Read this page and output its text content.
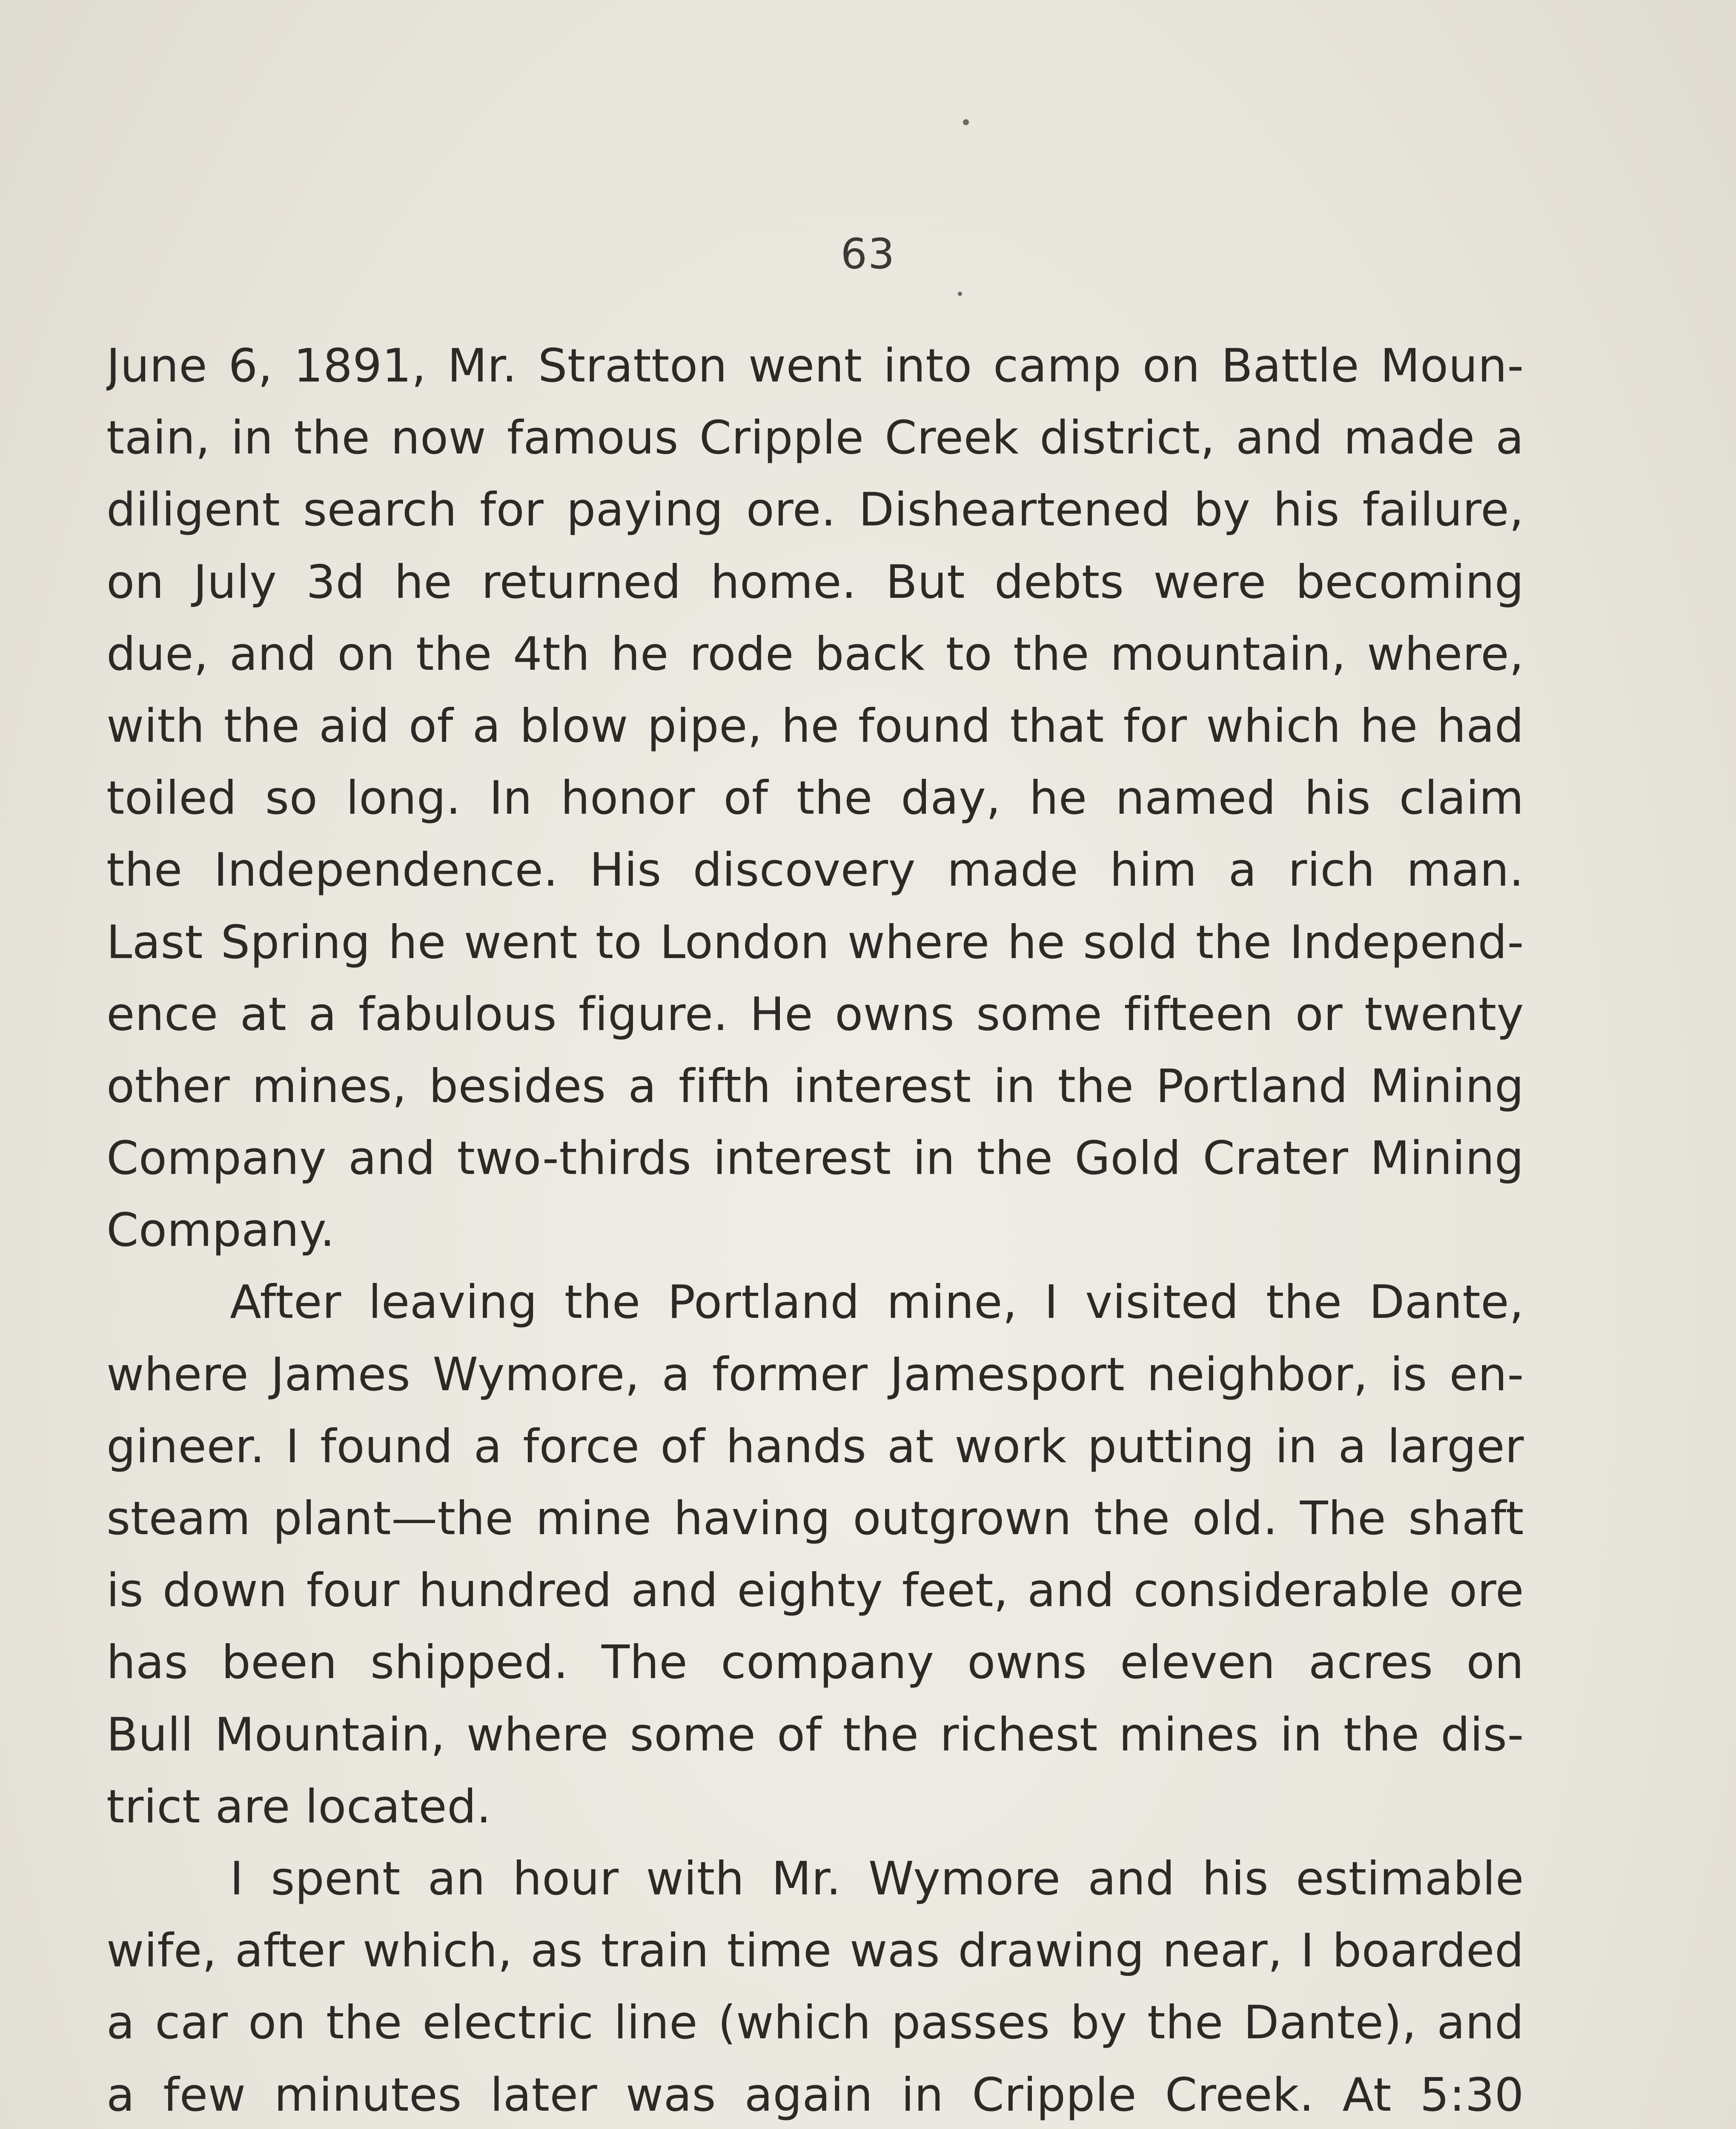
63
June 6, 1891, Mr. Stratton went into camp on Battle Moun-
tain, in the now famous Cripple Creek district, and made a
diligent search for paying ore. Disheartened by his failure,
on July 3d he returned home. But debts were becoming
due, and on the 4th he rode back to the mountain, where,
with the aid of a blow pipe, he found that for which he had
toiled so long. In honor of the day, he named his claim
the Independence. His discovery made him a rich man.
Last Spring he went to London where he sold the Independ-
ence at a fabulous figure. He owns some fifteen or twenty
other mines, besides a fifth interest in the Portland Mining
Company and two-thirds interest in the Gold Crater Mining
Company.
After leaving the Portland mine, I visited the Dante,
where James Wymore, a former Jamesport neighbor, is en-
gineer. I found a force of hands at work putting in a larger
steam plant—the mine having outgrown the old. The shaft
is down four hundred and eighty feet, and considerable ore
has been shipped. The company owns eleven acres on
Bull Mountain, where some of the richest mines in the dis-
trict are located.
I spent an hour with Mr. Wymore and his estimable
wife, after which, as train time was drawing near, I boarded
a car on the electric line (which passes by the Dante), and
a few minutes later was again in Cripple Creek. At 5:30
